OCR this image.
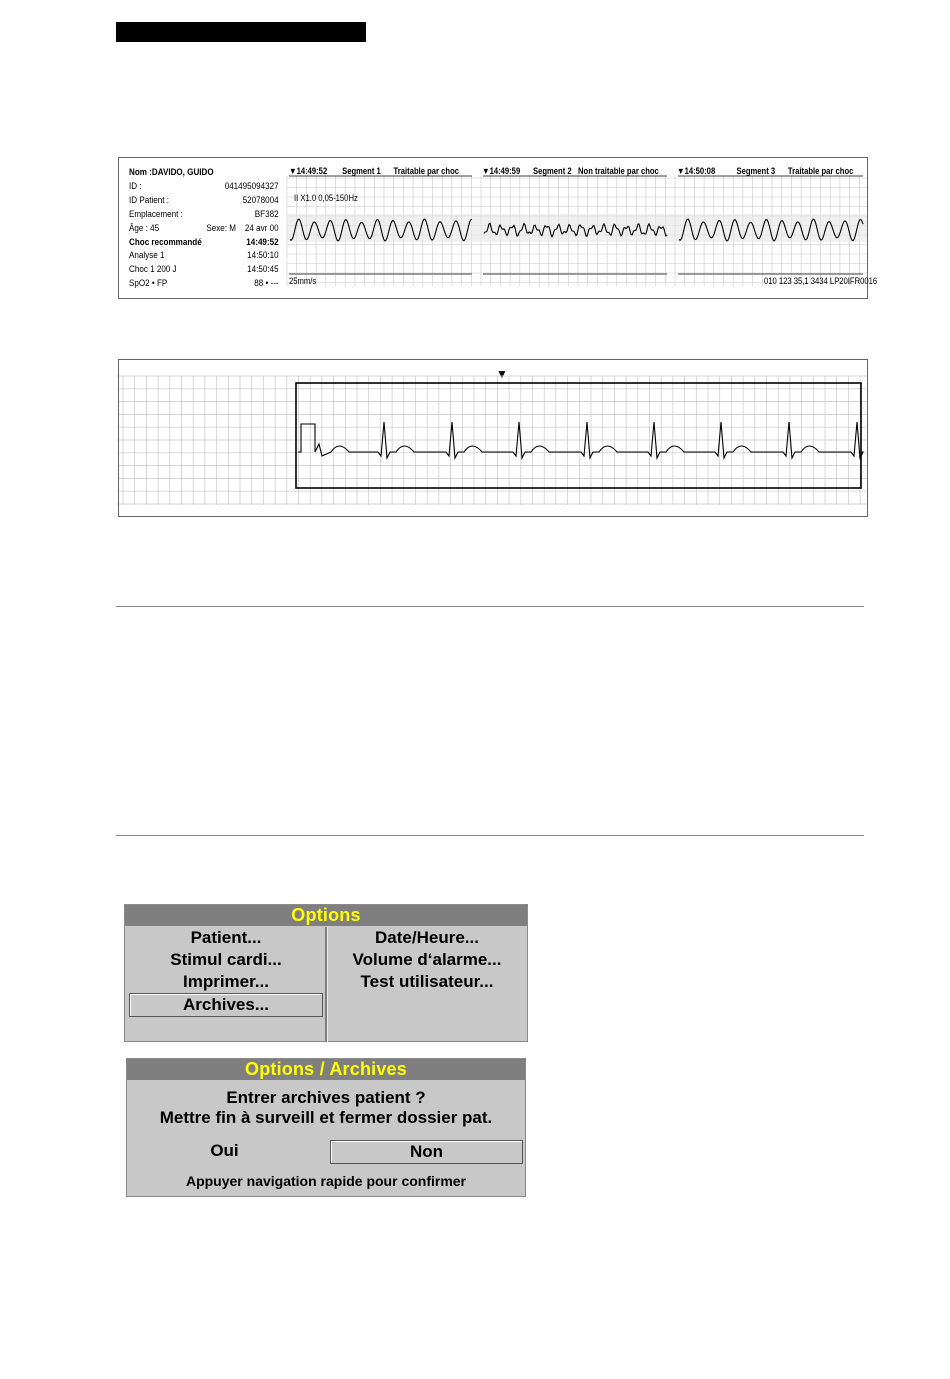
Nom :DAVIDO, GUIDO
ID :	041495094327
ID Patient :	52078004
Emplacement :	BF382
Âge : 45	Sexe: M    24 avr 00
Choc recommandé	14:49:52
Analyse 1	14:50:10
Choc 1 200 J	14:50:45
SpO2 • FP	88 • ---
▼14:49:52 Segment 1 Traitable par choc	▼14:49:59 Segment 2 Non traitable par choc ▼14:50:08 Segment 3 Traitable par choc
II X1.0 0,05-150Hz
25mm/s	010 123 35,1 3434 LP20IFR0016
▼
Options
Patient...
Stimul cardi...
Imprimer...
Archives...
Date/Heure...
Volume d‘alarme...
Test utilisateur...
Options / Archives
Entrer archives patient ?
Mettre fin à surveill et fermer dossier pat.
Oui	Non
Appuyer navigation rapide pour confirmer
